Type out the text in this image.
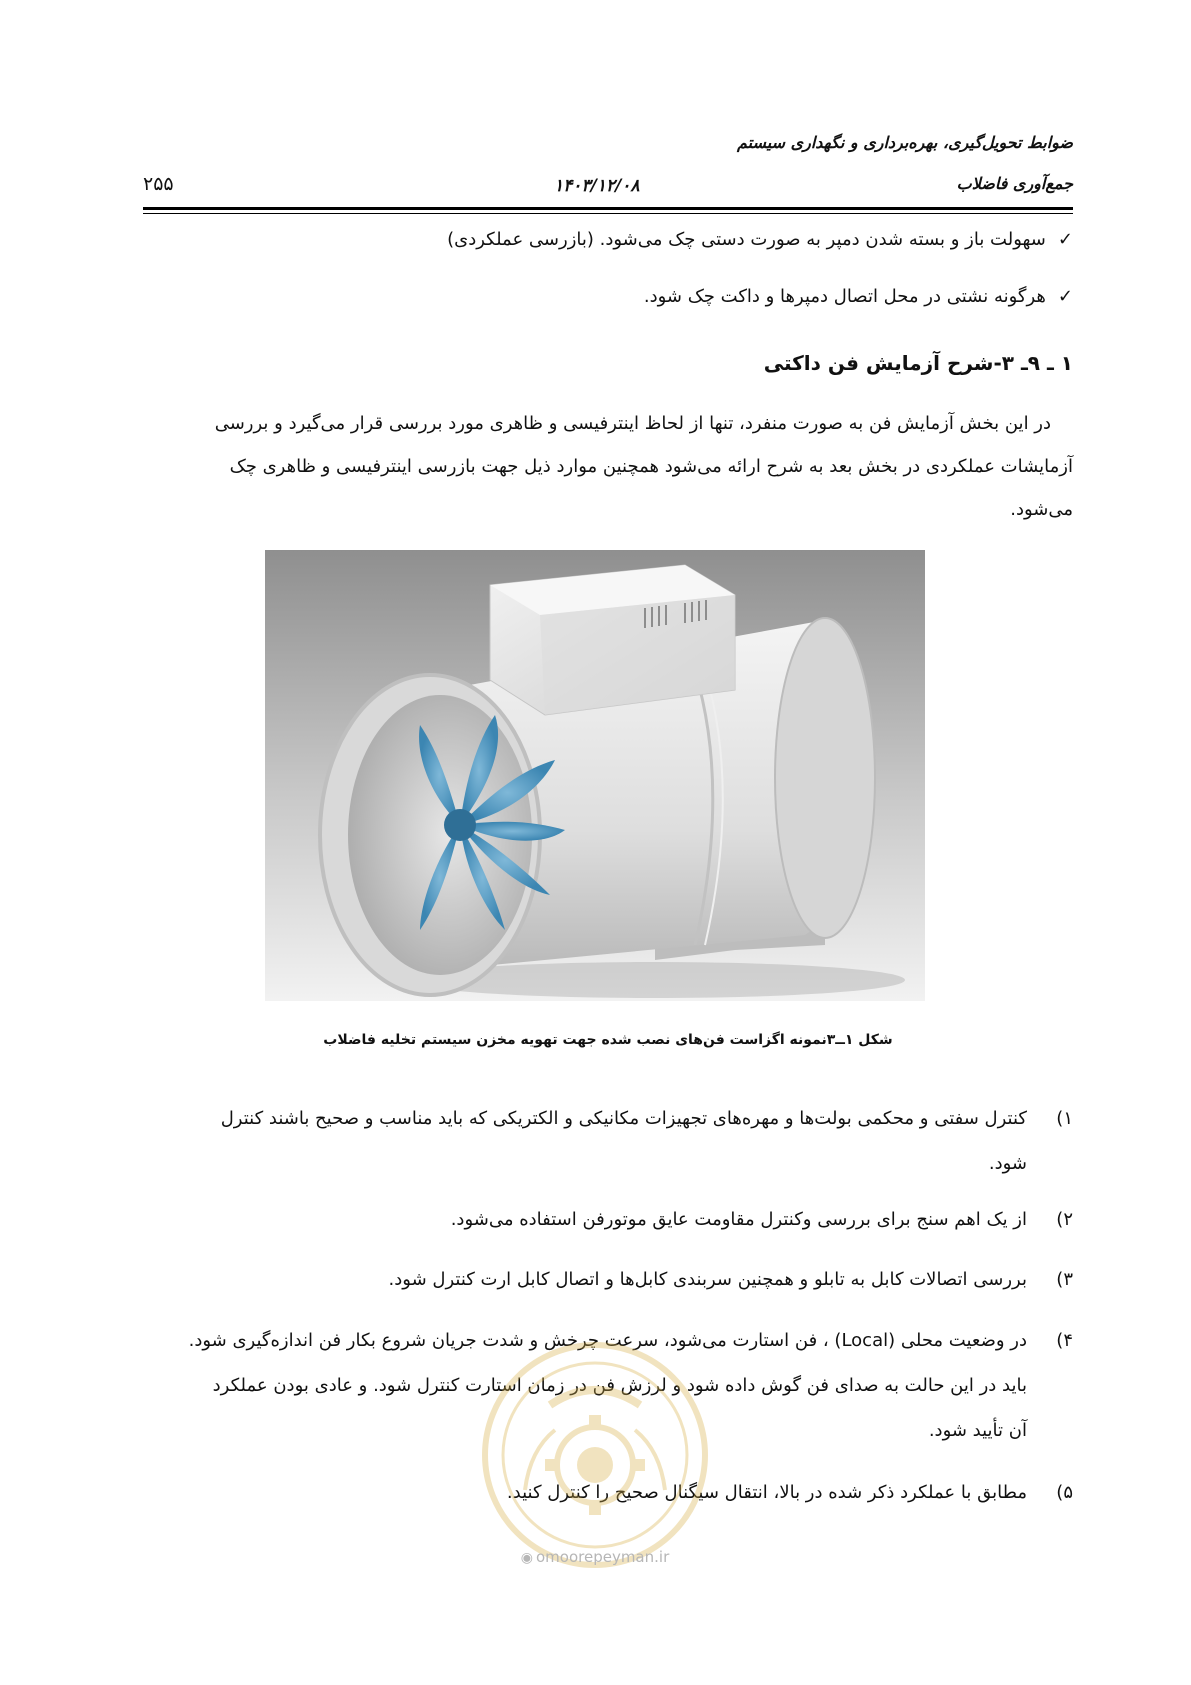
ضوابط تحویل‌گیری، بهره‌برداری و نگهداری سیستم
جمع‌آوری فاضلاب
۱۴۰۳/۱۲/۰۸
۲۵۵
✓
سهولت باز و بسته شدن دمپر به صورت دستی چک می‌شود. (بازرسی عملکردی)
✓
هرگونه نشتی در محل اتصال دمپرها و داکت چک شود.
۱ ـ ۹ـ ۳-شرح آزمایش فن داکتی
در این بخش آزمایش فن به صورت منفرد، تنها از لحاظ اینترفیسی و ظاهری مورد بررسی قرار می‌گیرد و بررسی
آزمایشات عملکردی در بخش بعد به شرح ارائه می‌شود همچنین موارد ذیل جهت بازرسی اینترفیسی و ظاهری چک
می‌شود.
شکل ۱ــ۳نمونه اگزاست فن‌های نصب شده جهت تهویه مخزن سیستم تخلیه فاضلاب
۱)
کنترل سفتی و محکمی بولت‌ها و مهره‌های تجهیزات مکانیکی و الکتریکی که باید مناسب و صحیح باشند کنترل
شود.
۲)
از یک اهم سنج برای بررسی وکنترل مقاومت عایق موتورفن استفاده می‌شود.
۳)
بررسی اتصالات کابل به تابلو و همچنین سربندی کابل‌ها و اتصال کابل ارت کنترل شود.
۴)
در وضعیت محلی (Local) ، فن استارت می‌شود، سرعت چرخش و شدت جریان شروع بکار فن اندازه‌گیری شود.
باید در این حالت به صدای فن گوش داده شود و لرزش فن در زمان استارت کنترل شود. و عادی بودن عملکرد
آن تأیید شود.
۵)
مطابق با عملکرد ذکر شده در بالا، انتقال سیگنال صحیح را کنترل کنید.
◉ omoorepeyman.ir
